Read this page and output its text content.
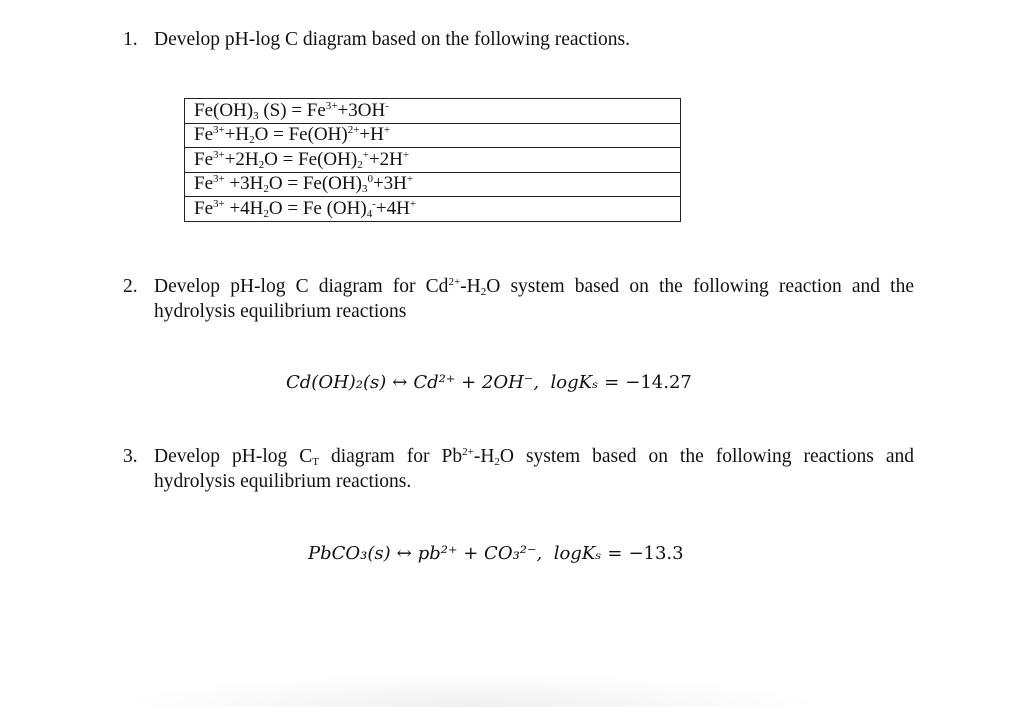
1. Develop pH-log C diagram based on the following reactions.
$Fe(OH)_3$ $(S) = Fe^{3+}+3OH^-$
$Fe^{3+}+H_2O = Fe(OH)^{2+}+H^+$
$Fe^{3+}+2H_2O = Fe(OH)_2^++2H^+$
$Fe^{3+} +3H_2O = Fe(OH)_3^0+3H^+$
$Fe^{3+} +4H_2O = Fe$ $(OH)_4^-+4H^+$
2. Develop pH-log C diagram for $Cd^{2+}-H_2O$ system based on the following reaction and the hydrolysis equilibrium reactions
Cd(OH)₂(s) ↔ Cd²⁺ + 2OH⁻, logKₛ = −14.27
3. Develop pH-log $C_T$ diagram for $Pb^{2+}-H_2O$ system based on the following reactions and hydrolysis equilibrium reactions.
PbCO₃(s) ↔ pb²⁺ + CO₃²⁻, logKₛ = −13.3
